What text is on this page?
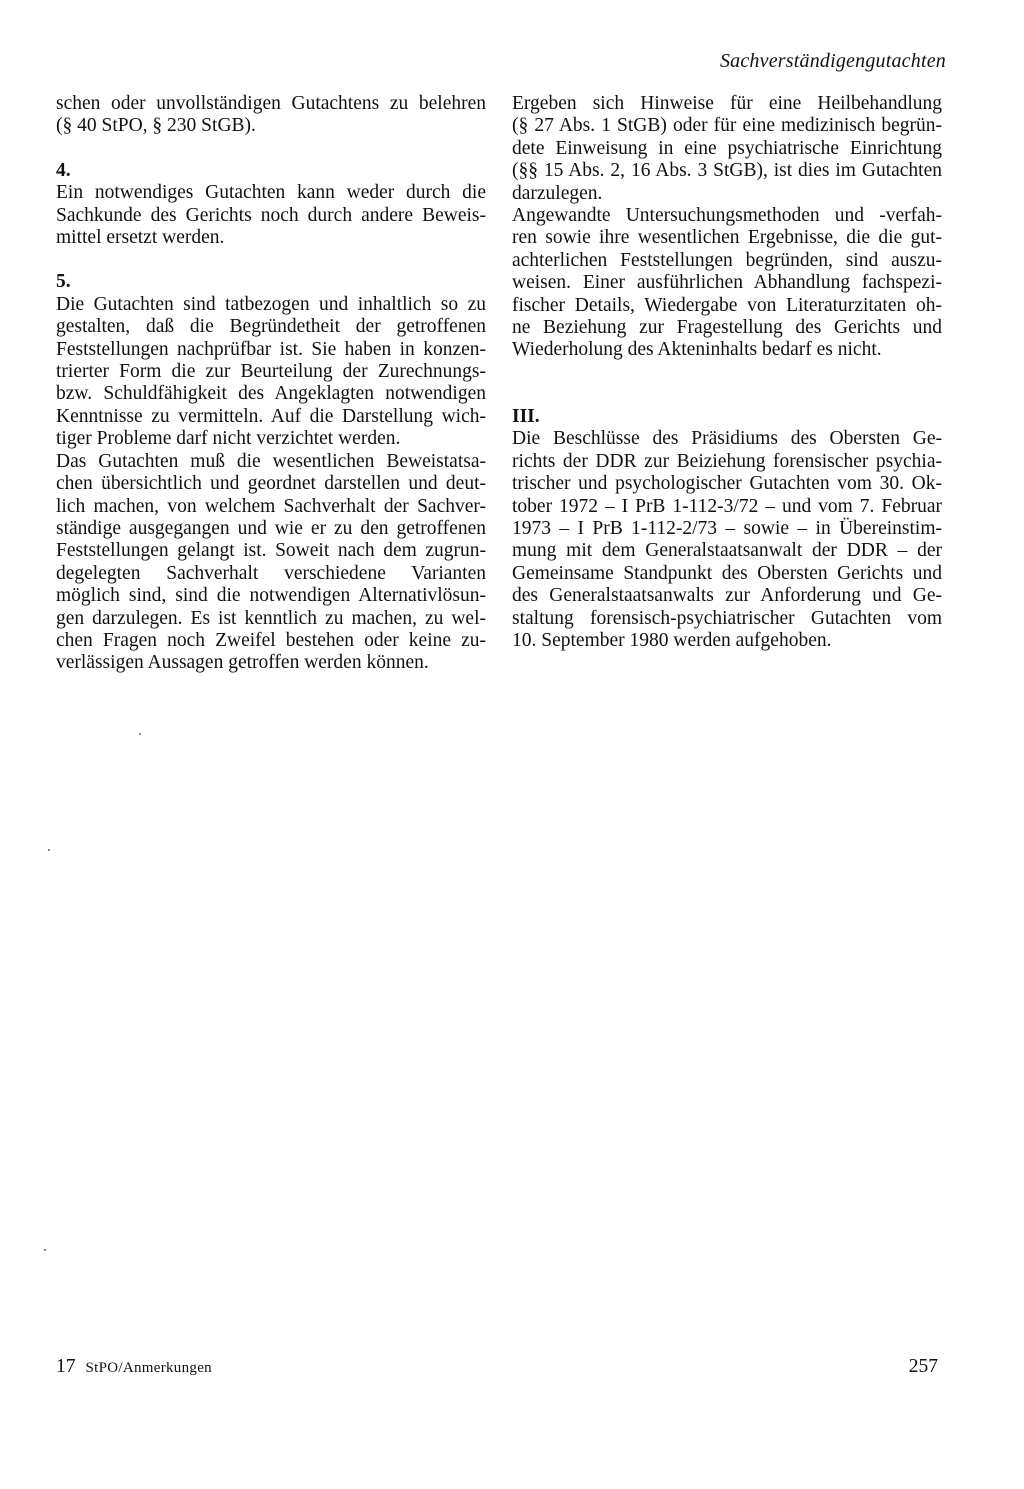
Sachverständigengutachten

schen oder unvollständigen Gutachtens zu belehren
(§ 40 StPO, § 230 StGB).

4.

Ein notwendiges Gutachten kann weder durch die
Sachkunde des Gerichts noch durch andere Beweis-
mittel ersetzt werden.

5.

Die Gutachten sind tatbezogen und inhaltlich so zu
gestalten, daß die Begründetheit der getroffenen
Feststellungen nachprüfbar ist. Sie haben in konzen-
trierter Form die zur Beurteilung der Zurechnungs-
bzw. Schuldfähigkeit des Angeklagten notwendigen
Kenntnisse zu vermitteln. Auf die Darstellung wich-
tiger Probleme darf nicht verzichtet werden.

Das Gutachten muß die wesentlichen Beweistatsa-
chen übersichtlich und geordnet darstellen und deut-
lich machen, von welchem Sachverhalt der Sachver-
ständige ausgegangen und wie er zu den getroffenen
Feststellungen gelangt ist. Soweit nach dem zugrun-
degelegten Sachverhalt verschiedene Varianten
möglich sind, sind die notwendigen Alternativlösun-
gen darzulegen. Es ist kenntlich zu machen, zu wel-
chen Fragen noch Zweifel bestehen oder keine zu-
verlässigen Aussagen getroffen werden können.

Ergeben sich Hinweise für eine Heilbehandlung
(§ 27 Abs. 1 StGB) oder für eine medizinisch begrün-
dete Einweisung in eine psychiatrische Einrichtung
(§§ 15 Abs. 2, 16 Abs. 3 StGB), ist dies im Gutachten
darzulegen.

Angewandte Untersuchungsmethoden und -verfah-
ren sowie ihre wesentlichen Ergebnisse, die die gut-
achterlichen Feststellungen begründen, sind auszu-
weisen. Einer ausführlichen Abhandlung fachspezi-
fischer Details, Wiedergabe von Literaturzitaten oh-
ne Beziehung zur Fragestellung des Gerichts und
Wiederholung des Akteninhalts bedarf es nicht.

III.

Die Beschlüsse des Präsidiums des Obersten Ge-
richts der DDR zur Beiziehung forensischer psychia-
trischer und psychologischer Gutachten vom 30. Ok-
tober 1972 – I PrB 1-112-3/72 – und vom 7. Februar
1973 – I PrB 1-112-2/73 – sowie – in Übereinstim-
mung mit dem Generalstaatsanwalt der DDR – der
Gemeinsame Standpunkt des Obersten Gerichts und
des Generalstaatsanwalts zur Anforderung und Ge-
staltung forensisch-psychiatrischer Gutachten vom
10. September 1980 werden aufgehoben.

17 StPO/Anmerkungen	257
